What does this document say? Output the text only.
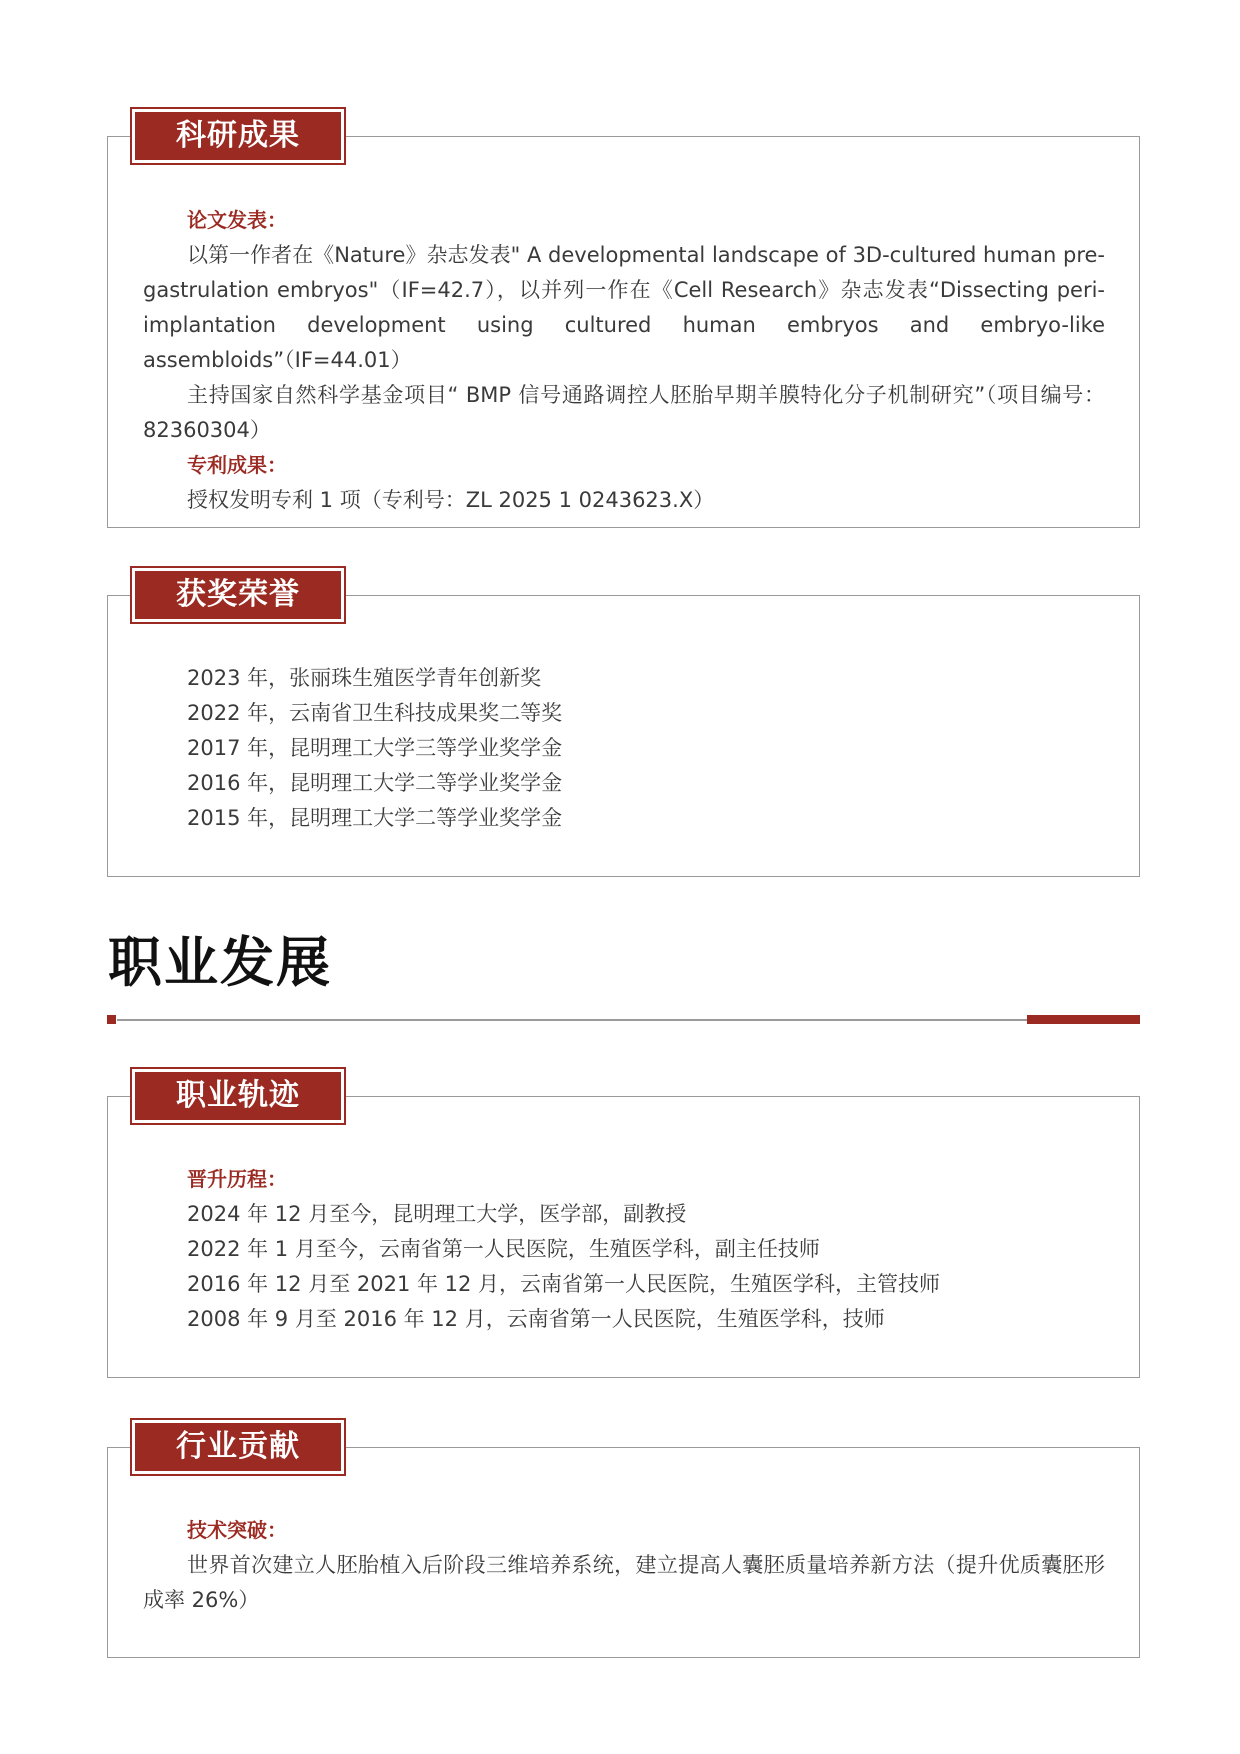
科研成果
论文发表：

以第一作者在《Nature》杂志发表" A developmental landscape of 3D-cultured human pre-gastrulation embryos"（IF=42.7），以并列一作在《Cell Research》杂志发表“Dissecting peri-implantation development using cultured human embryos and embryo-like assembloids”（IF=44.01）

主持国家自然科学基金项目“ BMP 信号通路调控人胚胎早期羊膜特化分子机制研究”（项目编号：82360304）

专利成果：

授权发明专利 1 项（专利号：ZL 2025 1 0243623.X）

获奖荣誉
2023 年，张丽珠生殖医学青年创新奖
2022 年，云南省卫生科技成果奖二等奖
2017 年，昆明理工大学三等学业奖学金
2016 年，昆明理工大学二等学业奖学金
2015 年，昆明理工大学二等学业奖学金
职业发展
职业轨迹
晋升历程：
2024 年 12 月至今，昆明理工大学，医学部，副教授
2022 年 1 月至今，云南省第一人民医院，生殖医学科，副主任技师
2016 年 12 月至 2021 年 12 月，云南省第一人民医院，生殖医学科，主管技师
2008 年 9 月至 2016 年 12 月，云南省第一人民医院，生殖医学科，技师
行业贡献
技术突破：

世界首次建立人胚胎植入后阶段三维培养系统，建立提高人囊胚质量培养新方法（提升优质囊胚形成率 26%）
